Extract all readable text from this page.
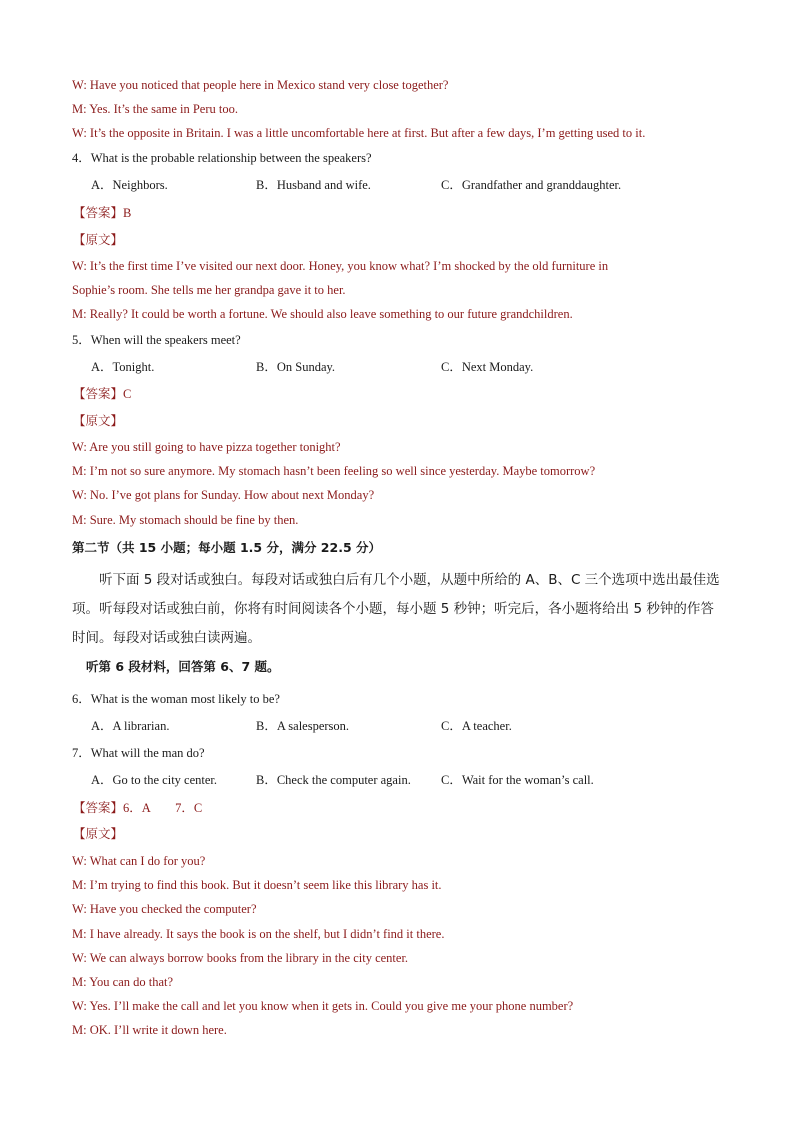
W: Have you noticed that people here in Mexico stand very close together?
M: Yes. It’s the same in Peru too.
W: It’s the opposite in Britain. I was a little uncomfortable here at first. But after a few days, I’m getting used to it.
4．What is the probable relationship between the speakers?
A．Neighbors.	B．Husband and wife.	C．Grandfather and granddaughter.
【答案】B
【原文】
W: It’s the first time I’ve visited our next door. Honey, you know what? I’m shocked by the old furniture in
Sophie’s room. She tells me her grandpa gave it to her.
M: Really? It could be worth a fortune. We should also leave something to our future grandchildren.
5．When will the speakers meet?
A．Tonight.	B．On Sunday.	C．Next Monday.
【答案】C
【原文】
W: Are you still going to have pizza together tonight?
M: I’m not so sure anymore. My stomach hasn’t been feeling so well since yesterday. Maybe tomorrow?
W: No. I’ve got plans for Sunday. How about next Monday?
M: Sure. My stomach should be fine by then.
第二节（共 15 小题；每小题 1.5 分，满分 22.5 分）
听下面 5 段对话或独白。每段对话或独白后有几个小题，从题中所给的 A、B、C 三个选项中选出最佳选项。听每段对话或独白前，你将有时间阅读各个小题，每小题 5 秒钟；听完后，各小题将给出 5 秒钟的作答时间。每段对话或独白读两遍。
听第 6 段材料，回答第 6、7 题。
6．What is the woman most likely to be?
A．A librarian.	B．A salesperson.	C．A teacher.
7．What will the man do?
A．Go to the city center.	B．Check the computer again. C．Wait for the woman’s call.
【答案】6．A　　7．C
【原文】
W: What can I do for you?
M: I’m trying to find this book. But it doesn’t seem like this library has it.
W: Have you checked the computer?
M: I have already. It says the book is on the shelf, but I didn’t find it there.
W: We can always borrow books from the library in the city center.
M: You can do that?
W: Yes. I’ll make the call and let you know when it gets in. Could you give me your phone number?
M: OK. I’ll write it down here.
